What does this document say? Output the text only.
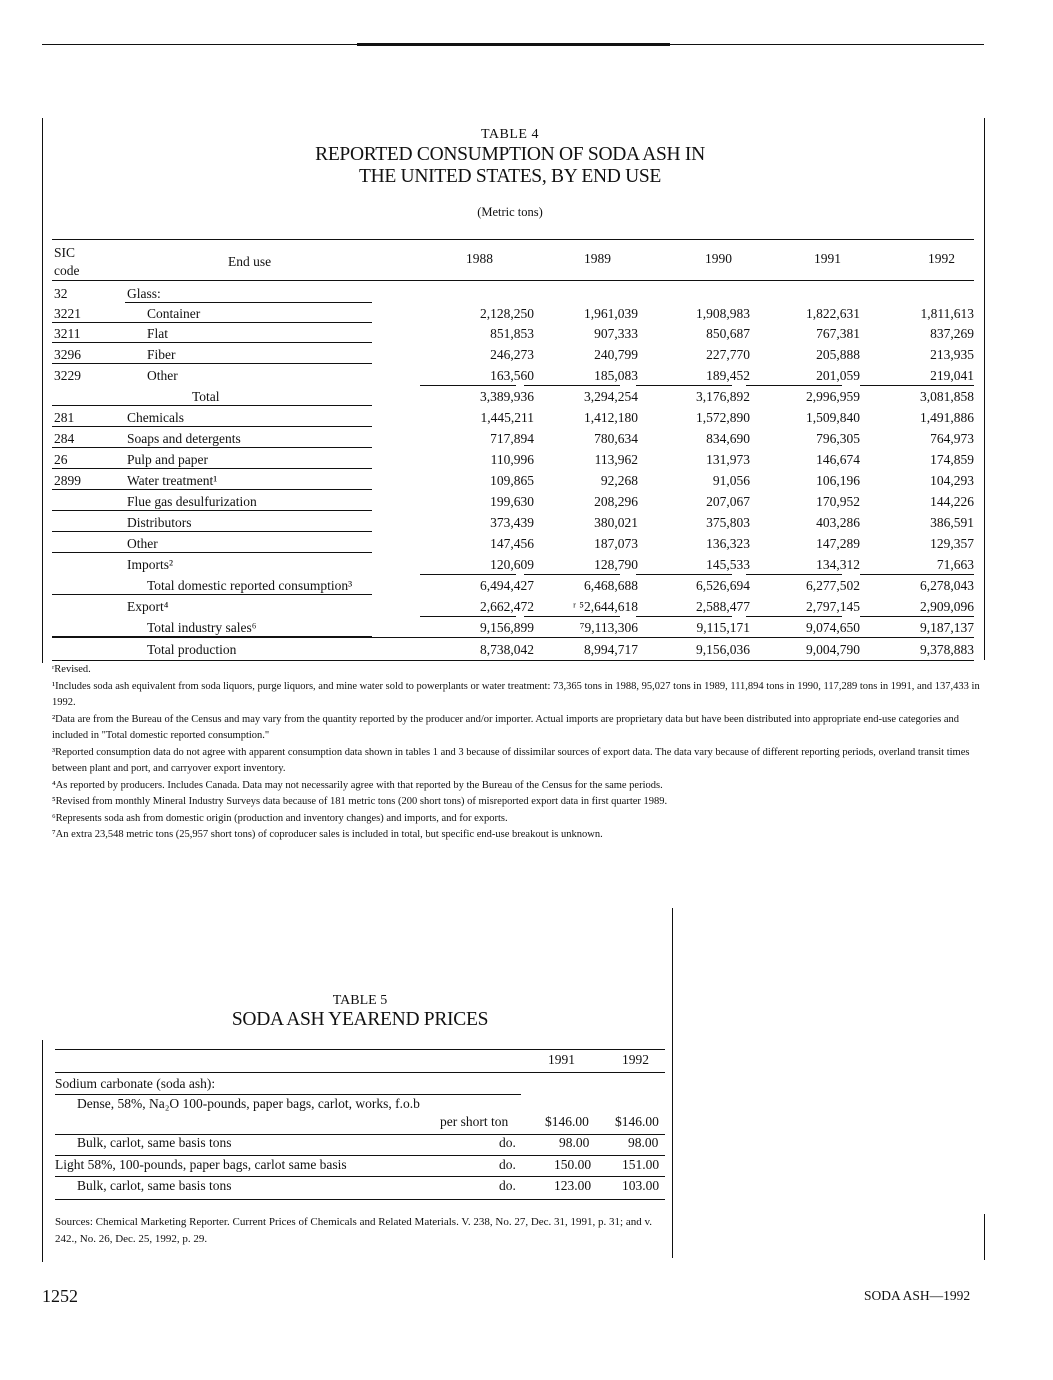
TABLE 4
REPORTED CONSUMPTION OF SODA ASH IN
THE UNITED STATES, BY END USE
(Metric tons)
SIC
code
End use	1988	1989	1990	1991	1992
32	Glass:
3221	Container	2,128,250	1,961,039	1,908,983	1,822,631	1,811,613
3211	Flat	851,853	907,333	850,687	767,381	837,269
3296	Fiber	246,273	240,799	227,770	205,888	213,935
3229	Other	163,560	185,083	189,452	201,059	219,041
Total	3,389,936	3,294,254	3,176,892	2,996,959	3,081,858
281	Chemicals	1,445,211	1,412,180	1,572,890	1,509,840	1,491,886
284	Soaps and detergents	717,894	780,634	834,690	796,305	764,973
26	Pulp and paper	110,996	113,962	131,973	146,674	174,859
2899	Water treatment¹	109,865	92,268	91,056	106,196	104,293
Flue gas desulfurization	199,630	208,296	207,067	170,952	144,226
Distributors	373,439	380,021	375,803	403,286	386,591
Other	147,456	187,073	136,323	147,289	129,357
Imports²	120,609	128,790	145,533	134,312	71,663
Total domestic reported consumption³	6,494,427	6,468,688	6,526,694	6,277,502	6,278,043
Export⁴	2,662,472	ʳ ⁵2,644,618	2,588,477	2,797,145	2,909,096
Total industry sales⁶	9,156,899	⁷9,113,306	9,115,171	9,074,650	9,187,137
Total production	8,738,042	8,994,717	9,156,036	9,004,790	9,378,883

ʳRevised.

¹Includes soda ash equivalent from soda liquors, purge liquors, and mine water sold to powerplants or water treatment: 73,365 tons in 1988, 95,027 tons in 1989, 111,894 tons in 1990, 117,289 tons in 1991, and 137,433 in 1992.

²Data are from the Bureau of the Census and may vary from the quantity reported by the producer and/or importer. Actual imports are proprietary data but have been distributed into appropriate end-use categories and included in "Total domestic reported consumption."

³Reported consumption data do not agree with apparent consumption data shown in tables 1 and 3 because of dissimilar sources of export data. The data vary because of different reporting periods, overland transit times between plant and port, and carryover export inventory.

⁴As reported by producers. Includes Canada. Data may not necessarily agree with that reported by the Bureau of the Census for the same periods.

⁵Revised from monthly Mineral Industry Surveys data because of 181 metric tons (200 short tons) of misreported export data in first quarter 1989.

⁶Represents soda ash from domestic origin (production and inventory changes) and imports, and for exports.

⁷An extra 23,548 metric tons (25,957 short tons) of coproducer sales is included in total, but specific end-use breakout is unknown.

TABLE 5
SODA ASH YEAREND PRICES
1991	1992
Sodium carbonate (soda ash):
Dense, 58%, Na₂O 100-pounds, paper bags, carlot, works, f.o.b
per short ton	$146.00 $146.00
Bulk, carlot, same basis tons	do.	98.00	98.00
Light 58%, 100-pounds, paper bags, carlot same basis	do.	150.00 151.00
Bulk, carlot, same basis tons	do.	123.00 103.00
Sources: Chemical Marketing Reporter. Current Prices of Chemicals and Related Materials. V. 238, No. 27, Dec. 31, 1991, p. 31; and v. 242., No. 26, Dec. 25, 1992, p. 29.
1252	SODA ASH—1992
